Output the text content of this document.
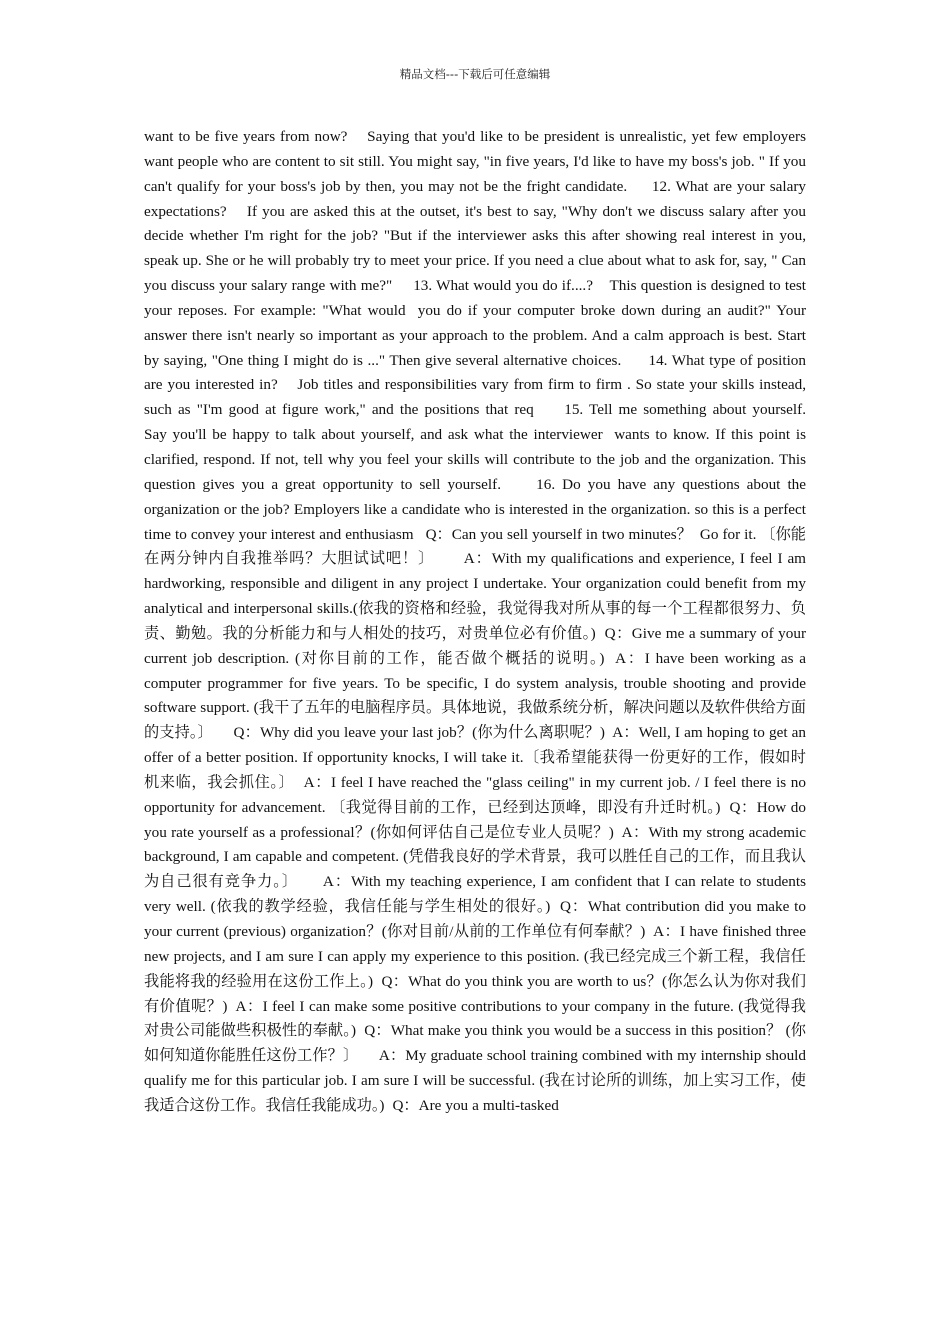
精品文档---下载后可任意编辑

want to be five years from now?    Saying that you'd like to be president is unrealistic, yet few employers want people who are content to sit still. You might say, "in five years, I'd like to have my boss's job. " If you can't qualify for your boss's job by then, you may not be the fright candidate.     12. What are your salary expectations?    If you are asked this at the outset, it's best to say, "Why don't we discuss salary after you decide whether I'm right for the job? "But if the interviewer asks this after showing real interest in you, speak up. She or he will probably try to meet your price. If you need a clue about what to ask for, say, " Can you discuss your salary range with me?"     13. What would you do if....?    This question is designed to test your reposes. For example: "What would  you do if your computer broke down during an audit?" Your answer there isn't nearly so important as your approach to the problem. And a calm approach is best. Start by saying, "One thing I might do is ..." Then give several alternative choices.      14. What type of position are you interested in?    Job titles and responsibilities vary from firm to firm . So state your skills instead, such as "I'm good at figure work," and the positions that req     15. Tell me something about yourself.      Say you'll be happy to talk about yourself, and ask what the interviewer  wants to know. If this point is clarified, respond. If not, tell why you feel your skills will contribute to the job and the organization. This question gives you a great opportunity to sell yourself.     16. Do you have any questions about the organization or the job? Employers like a candidate who is interested in the organization. so this is a perfect time to convey your interest and enthusiasm   Q：Can you sell yourself in two minutes？  Go for it. 〔你能在两分钟内自我推举吗？大胆试试吧！〕      A：With my qualifications and experience, I feel I am hardworking, responsible and diligent in any project I undertake. Your organization could benefit from my analytical and interpersonal skills.(依我的资格和经验，我觉得我对所从事的每一个工程都很努力、负责、勤勉。我的分析能力和与人相处的技巧，对贵单位必有价值。)  Q：Give me a summary of your current job description. (对你目前的工作，能否做个概括的说明。)  A：I have been working as a computer programmer for five years. To be specific, I do system analysis, trouble shooting and provide software support. (我干了五年的电脑程序员。具体地说，我做系统分析，解决问题以及软件供给方面的支持。〕     Q：Why did you leave your last job？(你为什么离职呢？)  A：Well, I am hoping to get an offer of a better position. If opportunity knocks, I will take it.〔我希望能获得一份更好的工作，假如时机来临，我会抓住。〕  A：I feel I have reached the "glass ceiling" in my current job. / I feel there is no opportunity for advancement. 〔我觉得目前的工作，已经到达顶峰，即没有升迁时机。)  Q：How do you rate yourself as a professional？(你如何评估自己是位专业人员呢？)  A：With my strong academic background, I am capable and competent. (凭借我良好的学术背景，我可以胜任自己的工作，而且我认为自己很有竞争力。〕     A：With my teaching experience, I am confident that I can relate to students very well. (依我的教学经验，我信任能与学生相处的很好。)  Q：What contribution did you make to your current (previous) organization？(你对目前/从前的工作单位有何奉献？)  A：I have finished three new projects, and I am sure I can apply my experience to this position. (我已经完成三个新工程，我信任我能将我的经验用在这份工作上。)  Q：What do you think you are worth to us？(你怎么认为你对我们有价值呢？)  A：I feel I can make some positive contributions to your company in the future. (我觉得我对贵公司能做些积极性的奉献。)  Q：What make you think you would be a success in this position？ (你如何知道你能胜任这份工作？〕     A：My graduate school training combined with my internship should qualify me for this particular job. I am sure I will be successful. (我在讨论所的训练，加上实习工作，使我适合这份工作。我信任我能成功。)  Q：Are you a multi-tasked
